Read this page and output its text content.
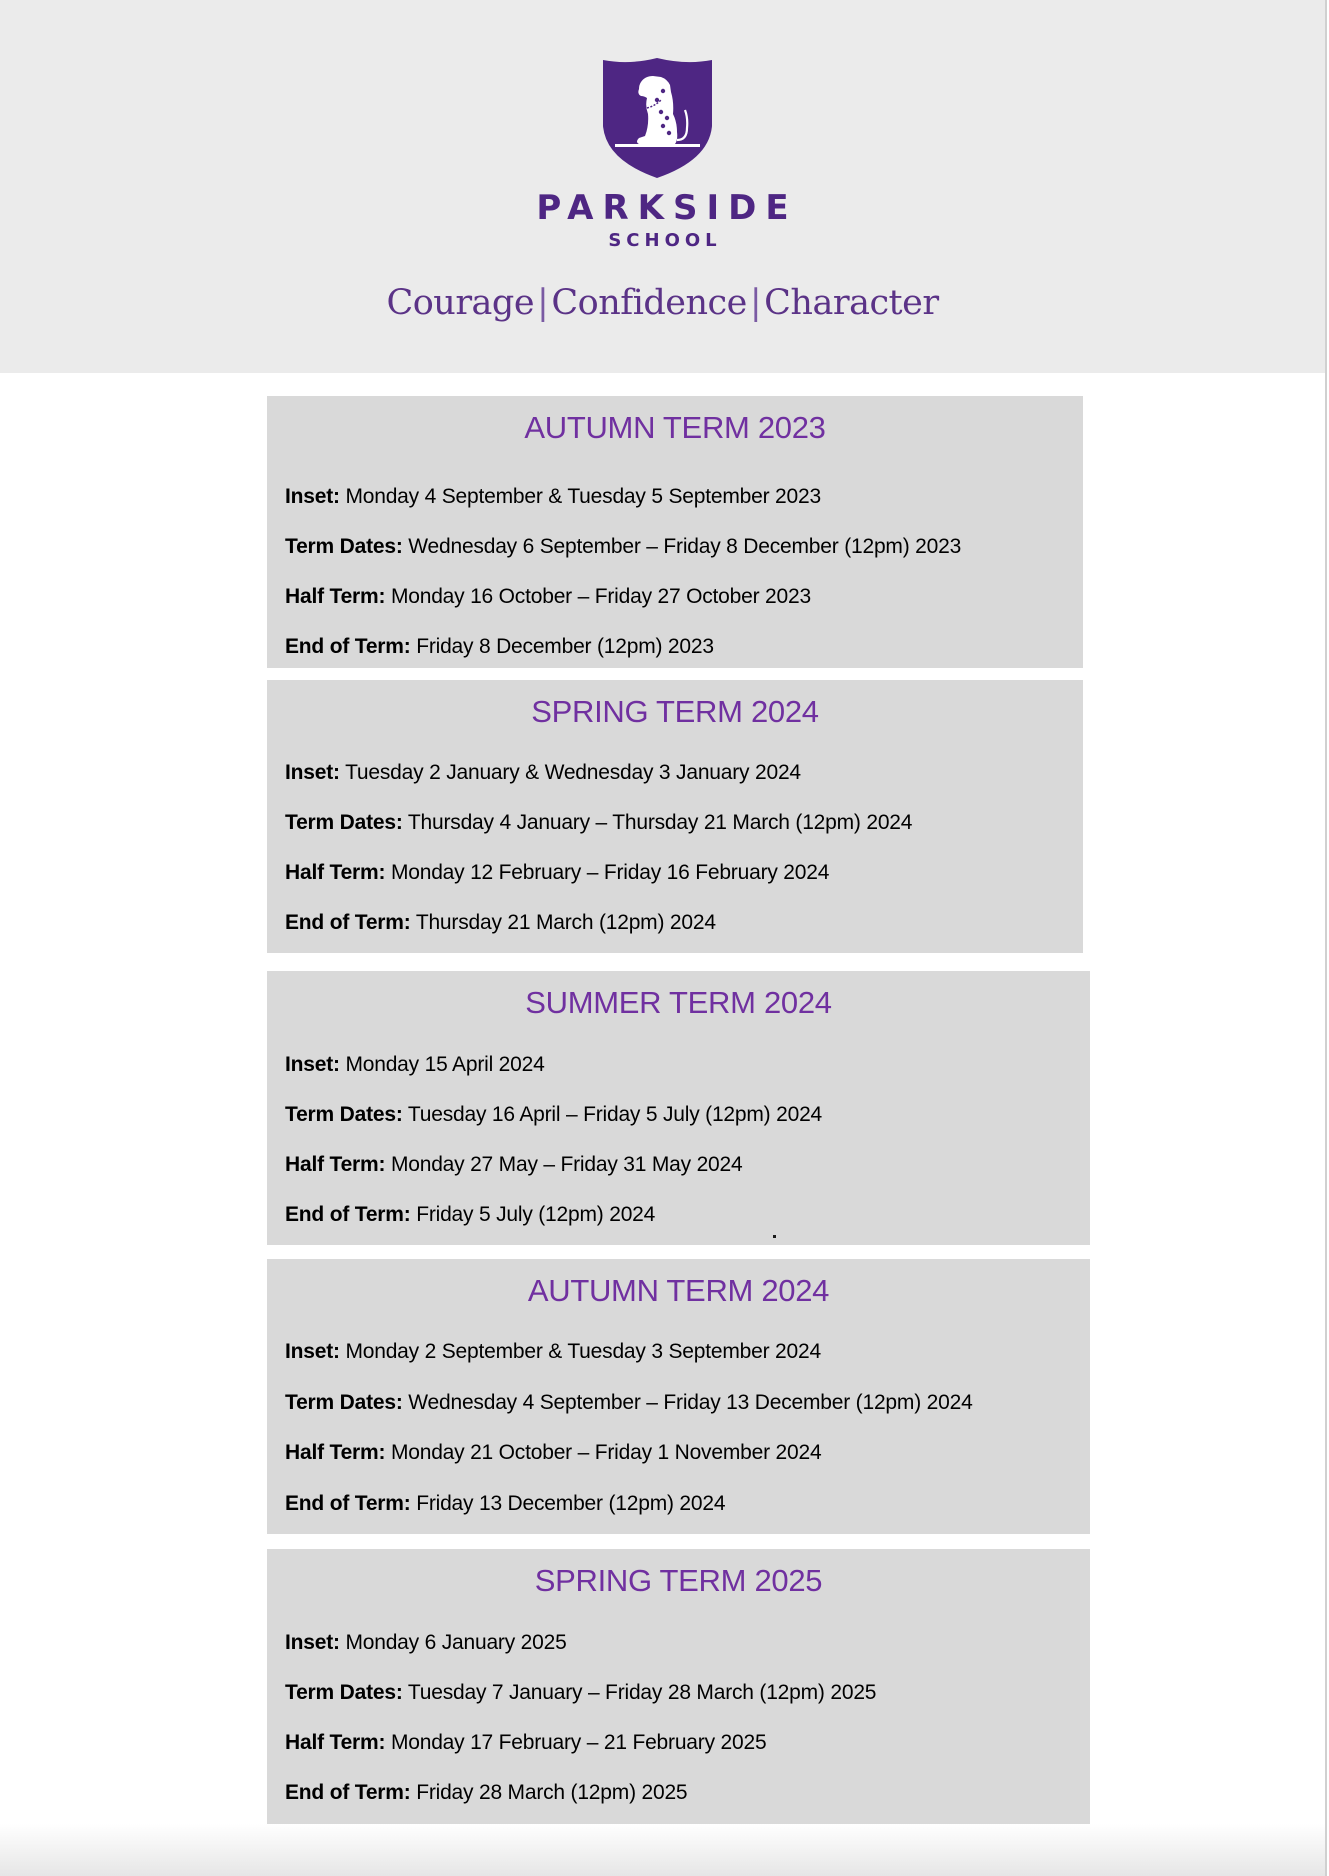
PARKSIDE
SCHOOL
Courage|Confidence|Character
AUTUMN TERM 2023
Inset: Monday 4 September & Tuesday 5 September 2023
Term Dates: Wednesday 6 September – Friday 8 December (12pm) 2023
Half Term: Monday 16 October – Friday 27 October 2023
End of Term: Friday 8 December (12pm) 2023
SPRING TERM 2024
Inset: Tuesday 2 January & Wednesday 3 January 2024
Term Dates: Thursday 4 January – Thursday 21 March (12pm) 2024
Half Term: Monday 12 February – Friday 16 February 2024
End of Term: Thursday 21 March (12pm) 2024
SUMMER TERM 2024
Inset: Monday 15 April 2024
Term Dates: Tuesday 16 April – Friday 5 July (12pm) 2024
Half Term: Monday 27 May – Friday 31 May 2024
End of Term: Friday 5 July (12pm) 2024
AUTUMN TERM 2024
Inset: Monday 2 September & Tuesday 3 September 2024
Term Dates: Wednesday 4 September – Friday 13 December (12pm) 2024
Half Term: Monday 21 October – Friday 1 November 2024
End of Term: Friday 13 December (12pm) 2024
SPRING TERM 2025
Inset: Monday 6 January 2025
Term Dates: Tuesday 7 January – Friday 28 March (12pm) 2025
Half Term: Monday 17 February – 21 February 2025
End of Term: Friday 28 March (12pm) 2025
